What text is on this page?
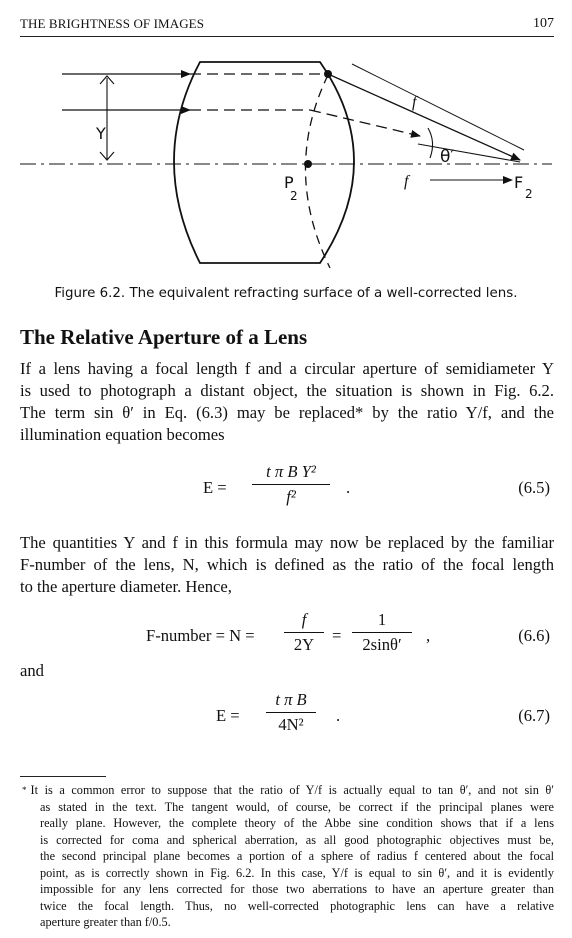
THE BRIGHTNESS OF IMAGES	107
Y
f
θ′
P
2
f	F
2
Figure 6.2. The equivalent refracting surface of a well-corrected lens.
The Relative Aperture of a Lens
If a lens having a focal length f and a circular aperture of semidiameter Y
is used to photograph a distant object, the situation is shown in Fig. 6.2.
The term sin θ′ in Eq. (6.3) may be replaced* by the ratio Y/f, and the
illumination equation becomes
E =
t π B Y²
f²	.	(6.5)
The quantities Y and f in this formula may now be replaced by the familiar
F-number of the lens, N, which is defined as the ratio of the focal length
to the aperture diameter. Hence,
F-number = N =
f
2Y	=
1
2sinθ′	,	(6.6)
and
E =
t π B
4N²	.	(6.7)
* It is a common error to suppose that the ratio of Y/f is actually equal to tan θ′, and not sin θ′
as stated in the text. The tangent would, of course, be correct if the principal planes were
really plane. However, the complete theory of the Abbe sine condition shows that if a lens
is corrected for coma and spherical aberration, as all good photographic objectives must be,
the second principal plane becomes a portion of a sphere of radius f centered about the focal
point, as is correctly shown in Fig. 6.2. In this case, Y/f is equal to sin θ′, and it is evidently
impossible for any lens corrected for those two aberrations to have an aperture greater than
twice the focal length. Thus, no well-corrected photographic lens can have a relative
aperture greater than f/0.5.
